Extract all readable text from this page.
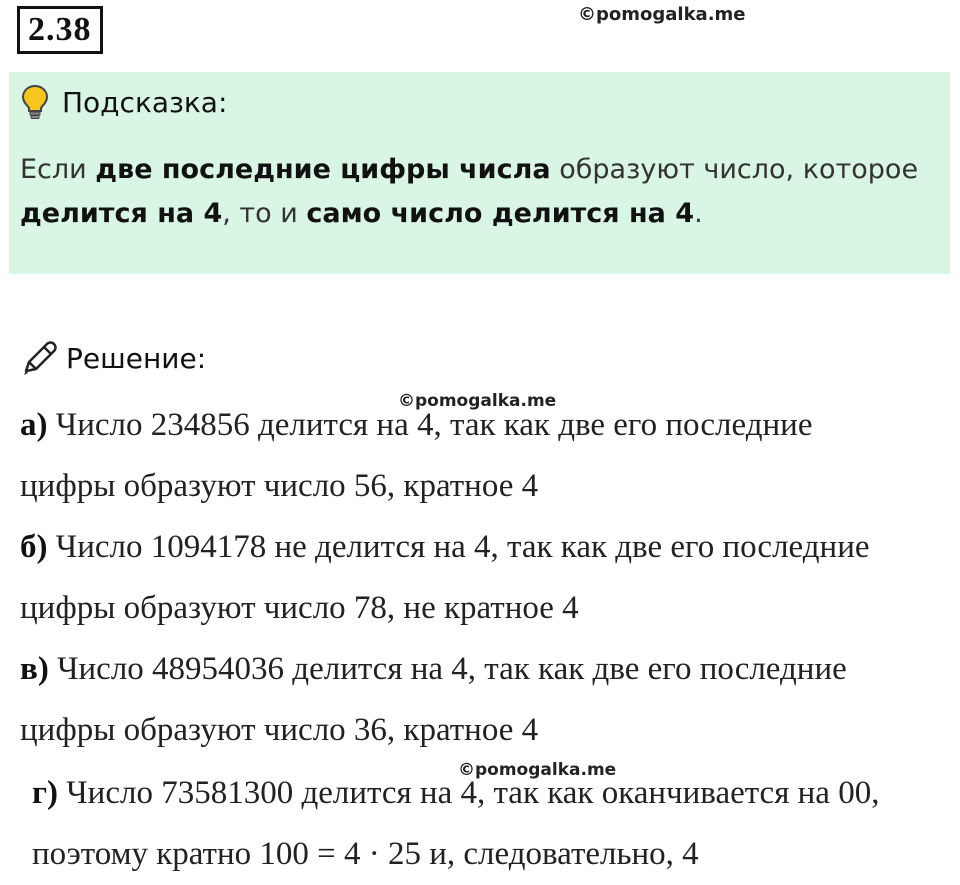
2.38	©pomogalka.me
©pomogalka.me
©pomogalka.me
Подсказка:
Если две последние цифры числа образуют число, которое делится на 4, то и само число делится на 4.
Решение:
а) Число 234856 делится на 4, так как две его последние
цифры образуют число 56, кратное 4
б) Число 1094178 не делится на 4, так как две его последние
цифры образуют число 78, не кратное 4
в) Число 48954036 делится на 4, так как две его последние
цифры образуют число 36, кратное 4
г) Число 73581300 делится на 4, так как оканчивается на 00,
поэтому кратно 100 = 4 · 25 и, следовательно, 4
